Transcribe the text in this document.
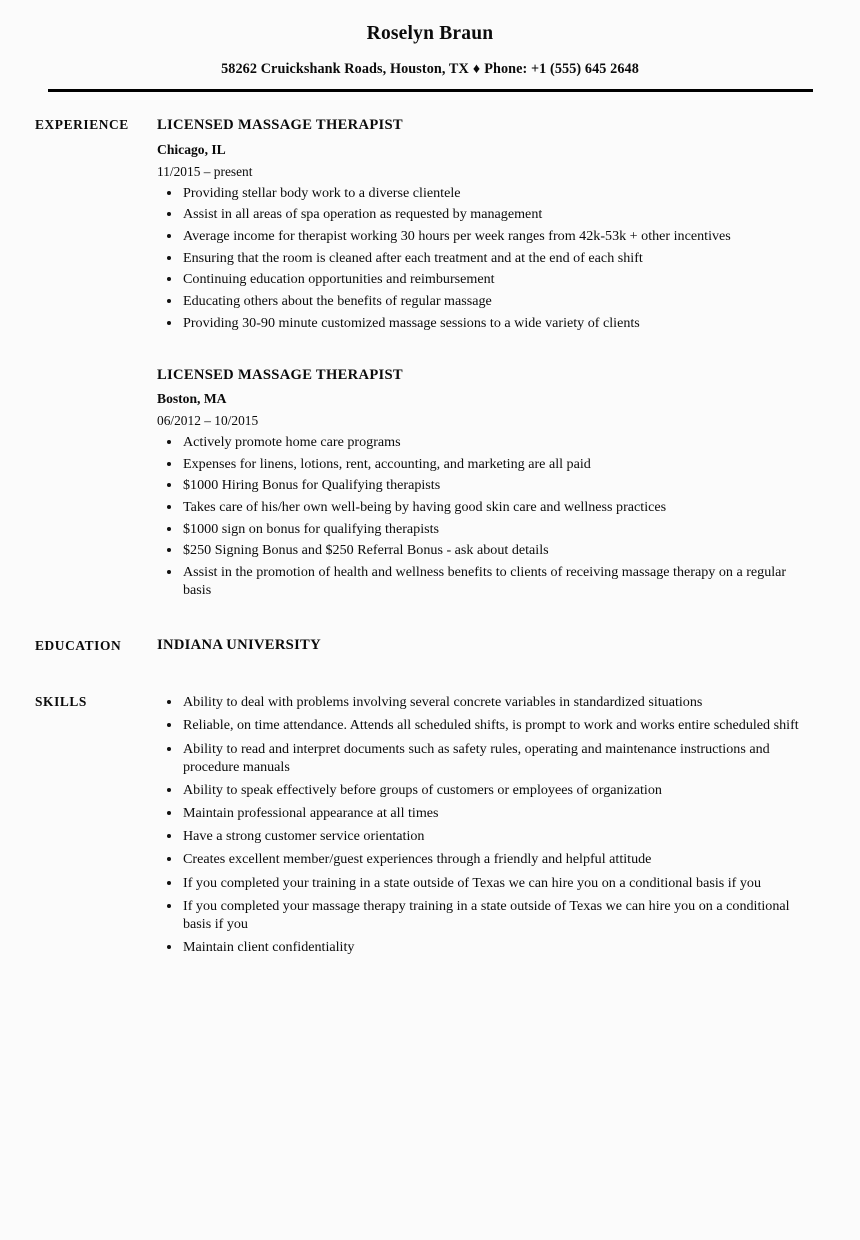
Roselyn Braun
58262 Cruickshank Roads, Houston, TX ♦ Phone: +1 (555) 645 2648
EXPERIENCE	LICENSED MASSAGE THERAPIST
Chicago, IL
11/2015 – present
Providing stellar body work to a diverse clientele
Assist in all areas of spa operation as requested by management
Average income for therapist working 30 hours per week ranges from 42k-53k + other incentives
Ensuring that the room is cleaned after each treatment and at the end of each shift
Continuing education opportunities and reimbursement
Educating others about the benefits of regular massage
Providing 30-90 minute customized massage sessions to a wide variety of clients
LICENSED MASSAGE THERAPIST
Boston, MA
06/2012 – 10/2015
Actively promote home care programs
Expenses for linens, lotions, rent, accounting, and marketing are all paid
$1000 Hiring Bonus for Qualifying therapists
Takes care of his/her own well-being by having good skin care and wellness practices
$1000 sign on bonus for qualifying therapists
$250 Signing Bonus and $250 Referral Bonus - ask about details
Assist in the promotion of health and wellness benefits to clients of receiving massage therapy on a regular basis
EDUCATION	INDIANA UNIVERSITY
SKILLS	Ability to deal with problems involving several concrete variables in standardized situations
Reliable, on time attendance. Attends all scheduled shifts, is prompt to work and works entire scheduled shift
Ability to read and interpret documents such as safety rules, operating and maintenance instructions and procedure manuals
Ability to speak effectively before groups of customers or employees of organization
Maintain professional appearance at all times
Have a strong customer service orientation
Creates excellent member/guest experiences through a friendly and helpful attitude
If you completed your training in a state outside of Texas we can hire you on a conditional basis if you
If you completed your massage therapy training in a state outside of Texas we can hire you on a conditional basis if you
Maintain client confidentiality
